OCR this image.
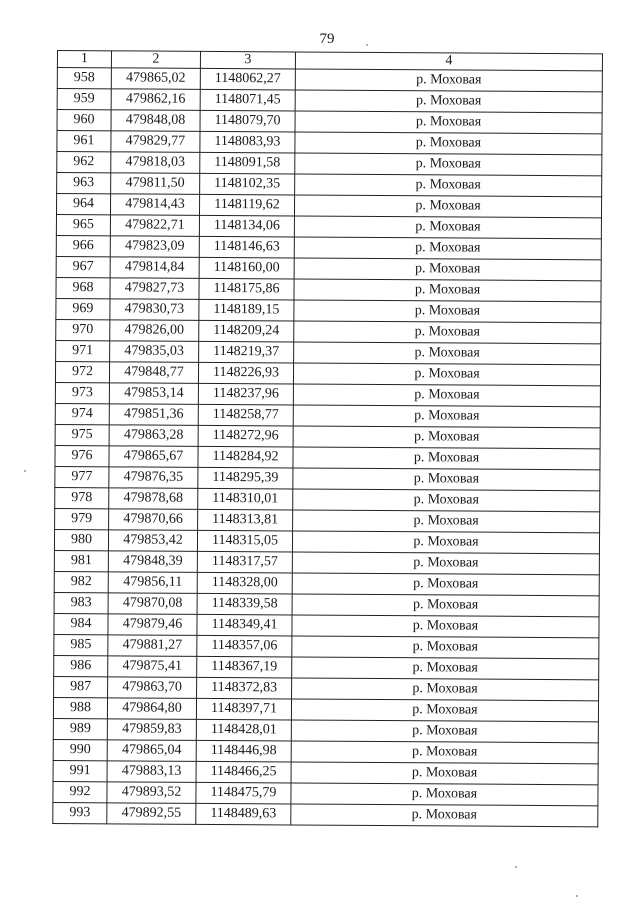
79
1	2	3	4
958	479865,02	1148062,27	р. Моховая
959	479862,16	1148071,45	р. Моховая
960	479848,08	1148079,70	р. Моховая
961	479829,77	1148083,93	р. Моховая
962	479818,03	1148091,58	р. Моховая
963	479811,50	1148102,35	р. Моховая
964	479814,43	1148119,62	р. Моховая
965	479822,71	1148134,06	р. Моховая
966	479823,09	1148146,63	р. Моховая
967	479814,84	1148160,00	р. Моховая
968	479827,73	1148175,86	р. Моховая
969	479830,73	1148189,15	р. Моховая
970	479826,00	1148209,24	р. Моховая
971	479835,03	1148219,37	р. Моховая
972	479848,77	1148226,93	р. Моховая
973	479853,14	1148237,96	р. Моховая
974	479851,36	1148258,77	р. Моховая
975	479863,28	1148272,96	р. Моховая
976	479865,67	1148284,92	р. Моховая
977	479876,35	1148295,39	р. Моховая
978	479878,68	1148310,01	р. Моховая
979	479870,66	1148313,81	р. Моховая
980	479853,42	1148315,05	р. Моховая
981	479848,39	1148317,57	р. Моховая
982	479856,11	1148328,00	р. Моховая
983	479870,08	1148339,58	р. Моховая
984	479879,46	1148349,41	р. Моховая
985	479881,27	1148357,06	р. Моховая
986	479875,41	1148367,19	р. Моховая
987	479863,70	1148372,83	р. Моховая
988	479864,80	1148397,71	р. Моховая
989	479859,83	1148428,01	р. Моховая
990	479865,04	1148446,98	р. Моховая
991	479883,13	1148466,25	р. Моховая
992	479893,52	1148475,79	р. Моховая
993	479892,55	1148489,63	р. Моховая
